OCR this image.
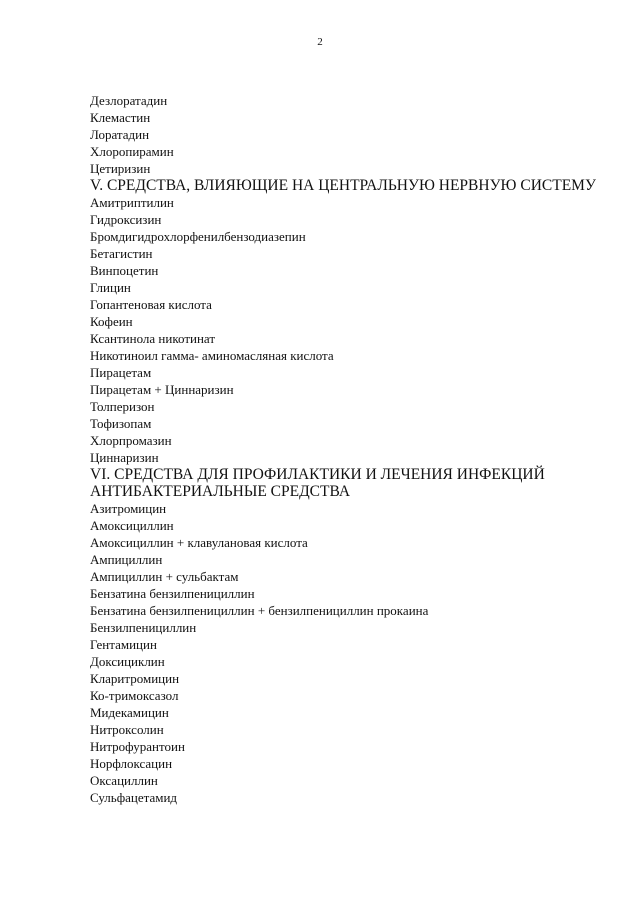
2
Дезлоратадин
Клемастин
Лоратадин
Хлоропирамин
Цетиризин
V. СРЕДСТВА, ВЛИЯЮЩИЕ НА ЦЕНТРАЛЬНУЮ НЕРВНУЮ СИСТЕМУ
Амитриптилин
Гидроксизин
Бромдигидрохлорфенилбензодиазепин
Бетагистин
Винпоцетин
Глицин
Гопантеновая кислота
Кофеин
Ксантинола никотинат
Никотиноил гамма- аминомасляная кислота
Пирацетам
Пирацетам + Циннаризин
Толперизон
Тофизопам
Хлорпромазин
Циннаризин
VI. СРЕДСТВА ДЛЯ ПРОФИЛАКТИКИ И ЛЕЧЕНИЯ ИНФЕКЦИЙ
АНТИБАКТЕРИАЛЬНЫЕ СРЕДСТВА
Азитромицин
Амоксициллин
Амоксициллин + клавулановая кислота
Ампициллин
Ампициллин + сульбактам
Бензатина бензилпенициллин
Бензатина бензилпенициллин + бензилпенициллин прокаина
Бензилпенициллин
Гентамицин
Доксициклин
Кларитромицин
Ко-тримоксазол
Мидекамицин
Нитроксолин
Нитрофурантоин
Норфлоксацин
Оксациллин
Сульфацетамид
